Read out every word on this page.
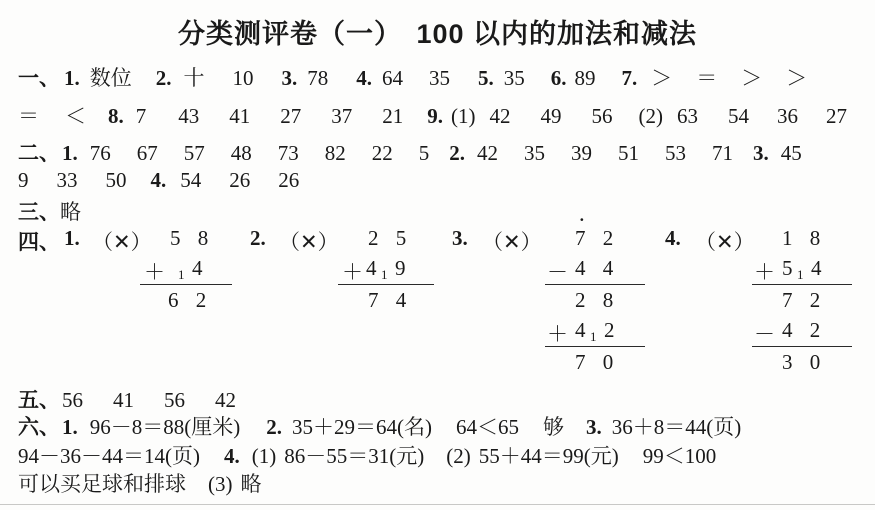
分类测评卷（一）　100 以内的加法和减法
一、 1. 数位 2. 十 10 3. 78 4. 64 35 5. 35 6. 89 7. ＞ ＝ ＞ ＞
＝ ＜ 8. 7 43 41 27 37 21 9. (1) 42 49 56 (2) 63 54 36 27
二、1. 76 67 57 48 73 82 22 5 2. 42 35 39 51 53 71 3. 45
9 33 50 4. 54 26 26
三、略
四、 1. （✕）	2. （✕）	3. （✕）	4. （✕）
5 8
＋ 1 4
6 2
2 5
＋ 4 1 9
7 4
·
7 2
－ 4 4
2 8
＋ 4 1 2
7 0
1 8
＋ 5 1 4
7 2
－ 4 2
3 0
五、56 41 56 42
六、1. 96－8＝88(厘米) 2. 35＋29＝64(名) 64＜65 够 3. 36＋8＝44(页)
94－36－44＝14(页) 4. (1) 86－55＝31(元) (2) 55＋44＝99(元) 99＜100
可以买足球和排球 (3) 略
